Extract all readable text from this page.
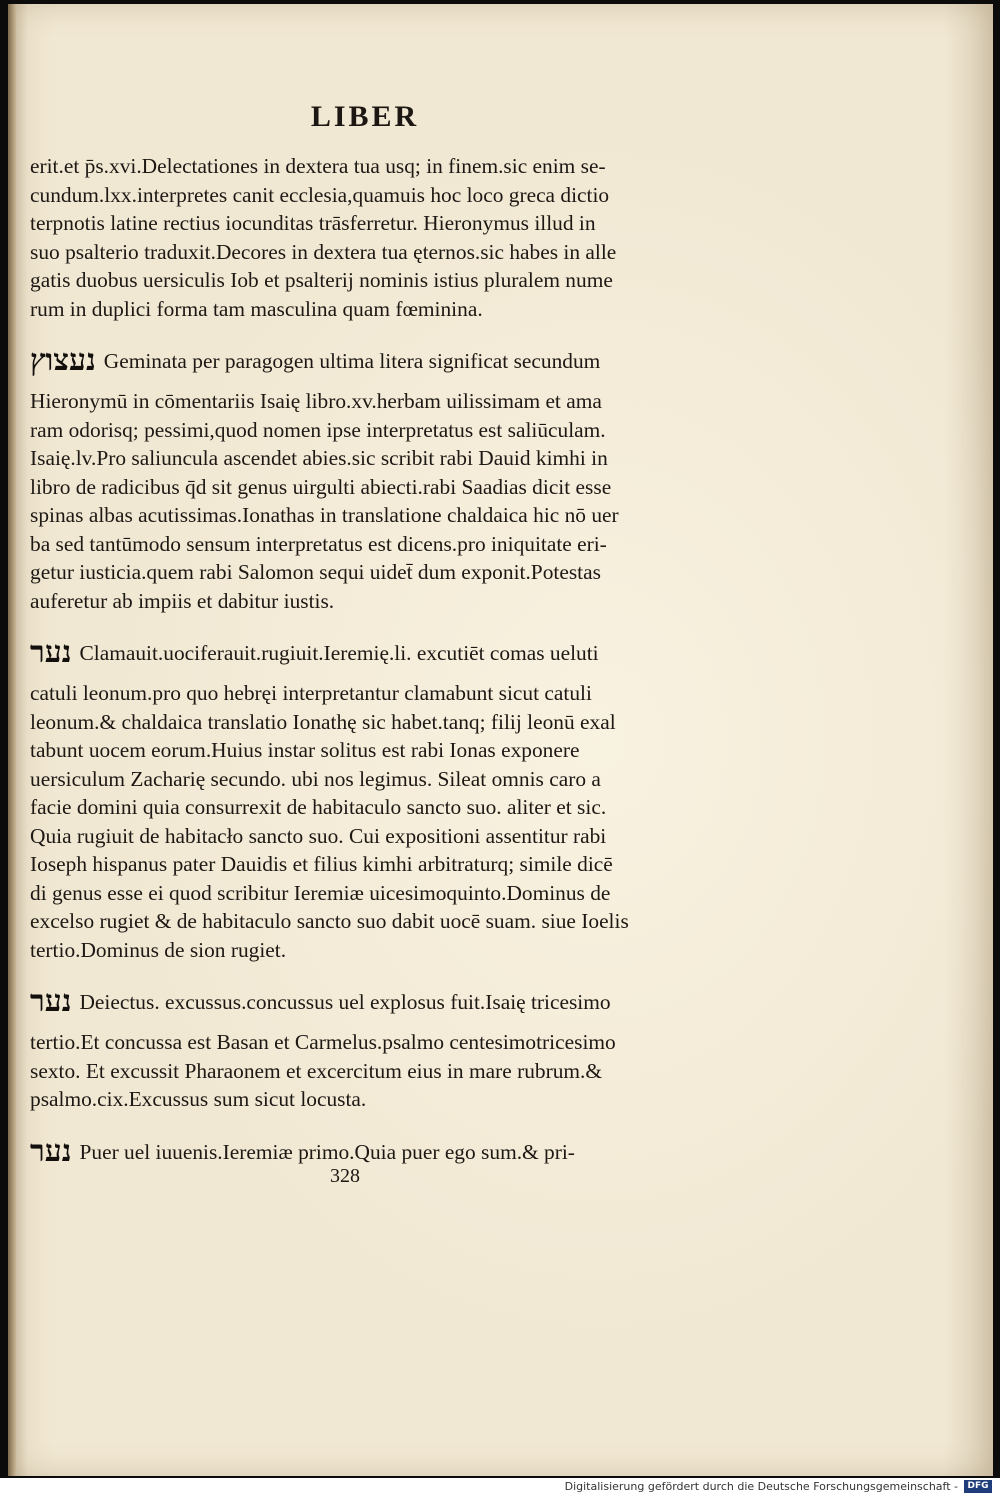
LIBER
erit.et p̄s.xvi.Delectationes in dextera tua usq; in finem.sic enim se-
cundum.lxx.interpretes canit ecclesia,quamuis hoc loco greca dictio
terpnotis latine rectius iocunditas trāsferretur. Hieronymus illud in
suo psalterio traduxit.Decores in dextera tua ęternos.sic habes in alle
gatis duobus uersiculis Iob et psalterij nominis istius pluralem nume
rum in duplici forma tam masculina quam fœminina.
נעצוץ Geminata per paragogen ultima litera significat secundum
Hieronymū in cōmentariis Isaię libro.xv.herbam uilissimam et ama
ram odorisq; pessimi,quod nomen ipse interpretatus est saliūculam.
Isaię.lv.Pro saliuncula ascendet abies.sic scribit rabi Dauid kimhi in
libro de radicibus q̄d sit genus uirgulti abiecti.rabi Saadias dicit esse
spinas albas acutissimas.Ionathas in translatione chaldaica hic nō uer
ba sed tantūmodo sensum interpretatus est dicens.pro iniquitate eri-
getur iusticia.quem rabi Salomon sequi uidet̄ dum exponit.Potestas
auferetur ab impiis et dabitur iustis.
נער Clamauit.uociferauit.rugiuit.Ieremię.li. excutiēt comas ueluti
catuli leonum.pro quo hebręi interpretantur clamabunt sicut catuli
leonum.& chaldaica translatio Ionathę sic habet.tanq; filij leonū exal
tabunt uocem eorum.Huius instar solitus est rabi Ionas exponere
uersiculum Zacharię secundo. ubi nos legimus. Sileat omnis caro a
facie domini quia consurrexit de habitaculo sancto suo. aliter et sic.
Quia rugiuit de habitacło sancto suo. Cui expositioni assentitur rabi
Ioseph hispanus pater Dauidis et filius kimhi arbitraturq; simile dicē
di genus esse ei quod scribitur Ieremiæ uicesimoquinto.Dominus de
excelso rugiet & de habitaculo sancto suo dabit uocē suam. siue Ioelis
tertio.Dominus de sion rugiet.
נער Deiectus. excussus.concussus uel explosus fuit.Isaię tricesimo
tertio.Et concussa est Basan et Carmelus.psalmo centesimotricesimo
sexto. Et excussit Pharaonem et excercitum eius in mare rubrum.&
psalmo.cix.Excussus sum sicut locusta.
נער Puer uel iuuenis.Ieremiæ primo.Quia puer ego sum.& pri-
328
Digitalisierung gefördert durch die Deutsche Forschungsgemeinschaft -	DFG
